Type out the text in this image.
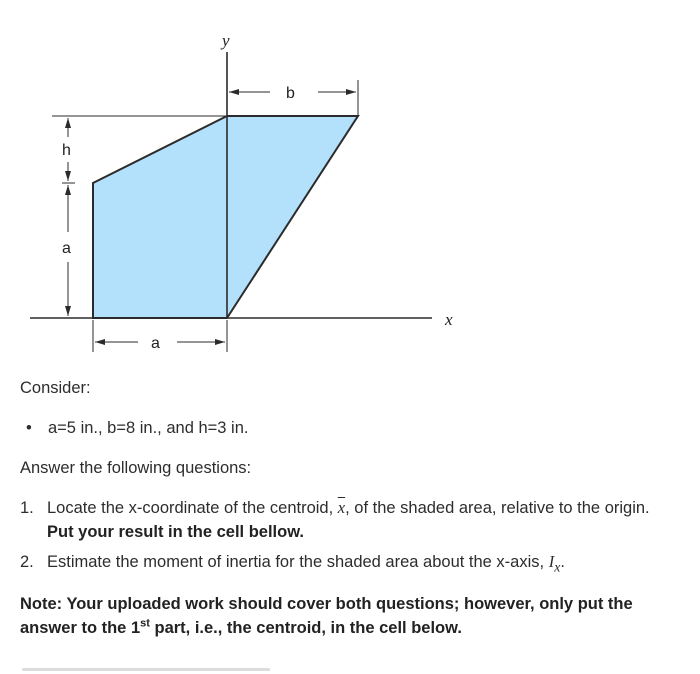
b
h
a
a
y
x
Consider:
• a=5 in., b=8 in., and h=3 in.
Answer the following questions:
1. Locate the x-coordinate of the centroid, $\overline{x}$, of the shaded area, relative to the origin. Put your result in the cell bellow.
2. Estimate the moment of inertia for the shaded area about the x-axis, $I_x$.
Note: Your uploaded work should cover both questions; however, only put the answer to the 1st part, i.e., the centroid, in the cell below.
